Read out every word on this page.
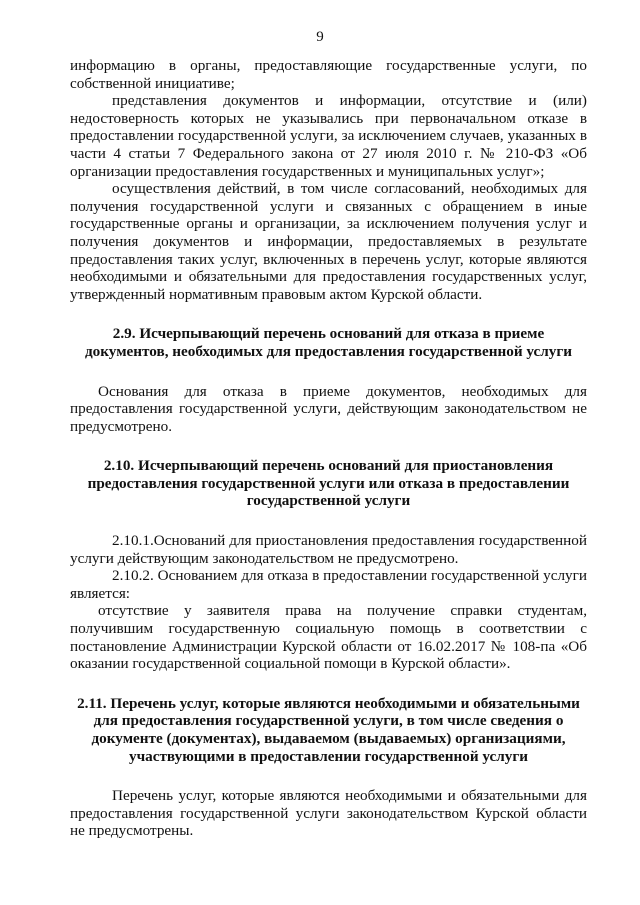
9

информацию в органы, предоставляющие государственные услуги, по собственной инициативе;

представления документов и информации, отсутствие и (или) недостоверность которых не указывались при первоначальном отказе в предоставлении государственной услуги, за исключением случаев, указанных в части 4 статьи 7 Федерального закона от 27 июля 2010 г. № 210-ФЗ «Об организации предоставления государственных и муниципальных услуг»;

осуществления действий, в том числе согласований, необходимых для получения государственной услуги и связанных с обращением в иные государственные органы и организации, за исключением получения услуг и получения документов и информации, предоставляемых в результате предоставления таких услуг, включенных в перечень услуг, которые являются необходимыми и обязательными для предоставления государственных услуг, утвержденный нормативным правовым актом Курской области.

2.9. Исчерпывающий перечень оснований для отказа в приеме документов, необходимых для предоставления государственной услуги

Основания для отказа в приеме документов, необходимых для предоставления государственной услуги, действующим законодательством не предусмотрено.

2.10. Исчерпывающий перечень оснований для приостановления предоставления государственной услуги или отказа в предоставлении государственной услуги

2.10.1.Оснований для приостановления предоставления государственной услуги действующим законодательством не предусмотрено.

2.10.2. Основанием для отказа в предоставлении государственной услуги является:

отсутствие у заявителя права на получение справки студентам, получившим государственную социальную помощь в соответствии с постановление Администрации Курской области от 16.02.2017 № 108-па «Об оказании государственной социальной помощи в Курской области».

2.11. Перечень услуг, которые являются необходимыми и обязательными для предоставления государственной услуги, в том числе сведения о документе (документах), выдаваемом (выдаваемых) организациями, участвующими в предоставлении государственной услуги

Перечень услуг, которые являются необходимыми и обязательными для предоставления государственной услуги законодательством Курской области не предусмотрены.
